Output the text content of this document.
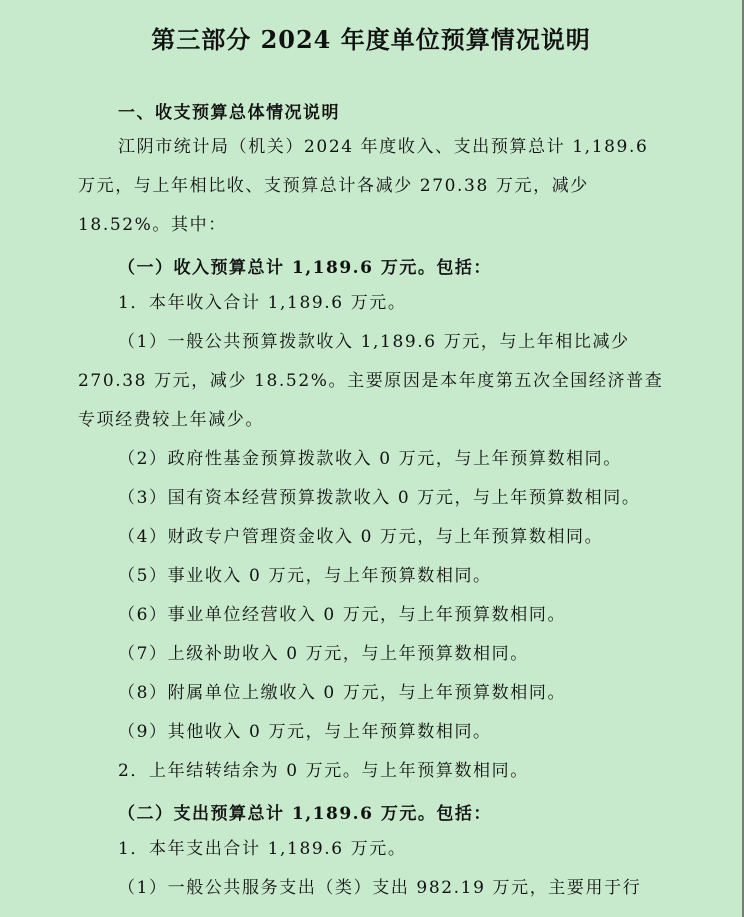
第三部分 2024 年度单位预算情况说明
一、收支预算总体情况说明
江阴市统计局（机关）2024 年度收入、支出预算总计 1,189.6
万元，与上年相比收、支预算总计各减少 270.38 万元，减少
18.52%。其中：
（一）收入预算总计 1,189.6 万元。包括：
1．本年收入合计 1,189.6 万元。
（1）一般公共预算拨款收入 1,189.6 万元，与上年相比减少
270.38 万元，减少 18.52%。主要原因是本年度第五次全国经济普查
专项经费较上年减少。
（2）政府性基金预算拨款收入 0 万元，与上年预算数相同。
（3）国有资本经营预算拨款收入 0 万元，与上年预算数相同。
（4）财政专户管理资金收入 0 万元，与上年预算数相同。
（5）事业收入 0 万元，与上年预算数相同。
（6）事业单位经营收入 0 万元，与上年预算数相同。
（7）上级补助收入 0 万元，与上年预算数相同。
（8）附属单位上缴收入 0 万元，与上年预算数相同。
（9）其他收入 0 万元，与上年预算数相同。
2．上年结转结余为 0 万元。与上年预算数相同。
（二）支出预算总计 1,189.6 万元。包括：
1．本年支出合计 1,189.6 万元。
（1）一般公共服务支出（类）支出 982.19 万元，主要用于行
